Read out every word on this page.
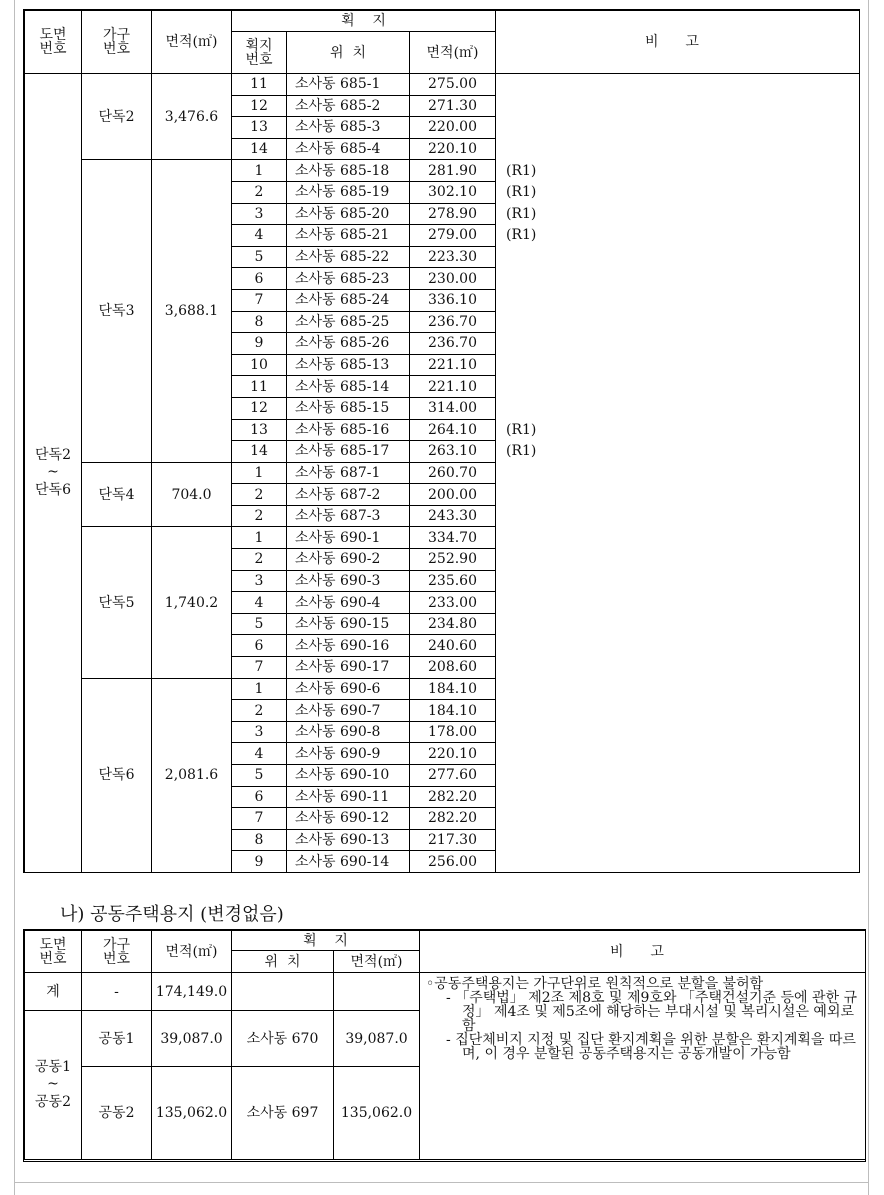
도면
번호	가구
번호	면적(㎡)	획    지			비 고
			획지
번호	위  치	면적(㎡)	
단독2
~
단독6	단독2	3,476.6	11	소사동 685-1	275.00	
			12	소사동 685-2	271.30	
			13	소사동 685-3	220.00	
			14	소사동 685-4	220.10	
	단독3	3,688.1	1	소사동 685-18	281.90	(R1)
			2	소사동 685-19	302.10	(R1)
			3	소사동 685-20	278.90	(R1)
			4	소사동 685-21	279.00	(R1)
			5	소사동 685-22	223.30	
			6	소사동 685-23	230.00	
			7	소사동 685-24	336.10	
			8	소사동 685-25	236.70	
			9	소사동 685-26	236.70	
			10	소사동 685-13	221.10	
			11	소사동 685-14	221.10	
			12	소사동 685-15	314.00	
			13	소사동 685-16	264.10	(R1)
			14	소사동 685-17	263.10	(R1)
	단독4	704.0	1	소사동 687-1	260.70	
			2	소사동 687-2	200.00	
			2	소사동 687-3	243.30	
	단독5	1,740.2	1	소사동 690-1	334.70	
			2	소사동 690-2	252.90	
			3	소사동 690-3	235.60	
			4	소사동 690-4	233.00	
			5	소사동 690-15	234.80	
			6	소사동 690-16	240.60	
			7	소사동 690-17	208.60	
	단독6	2,081.6	1	소사동 690-6	184.10	
			2	소사동 690-7	184.10	
			3	소사동 690-8	178.00	
			4	소사동 690-9	220.10	
			5	소사동 690-10	277.60	
			6	소사동 690-11	282.20	
			7	소사동 690-12	282.20	
			8	소사동 690-13	217.30	
			9	소사동 690-14	256.00	
나) 공동주택용지 (변경없음)
도면
번호	가구
번호	면적(㎡)	획    지		비 고
			위  치	면적(㎡)	
계	-	174,149.0			◦공동주택용지는 가구단위로 원칙적으로 분할을 불허함
- 「주택법」 제2조 제8호 및 제9호와 「주택건설기준 등에 관한 규정」 제4조 및 제5조에 해당하는 부대시설 및 복리시설은 예외로 함
- 집단체비지 지정 및 집단 환지계획을 위한 분할은 환지계획을 따르며, 이 경우 분할된 공동주택용지는 공동개발이 가능함

공동1
~
공동2	공동1	39,087.0	소사동 670	39,087.0	
	공동2	135,062.0	소사동 697	135,062.0	
